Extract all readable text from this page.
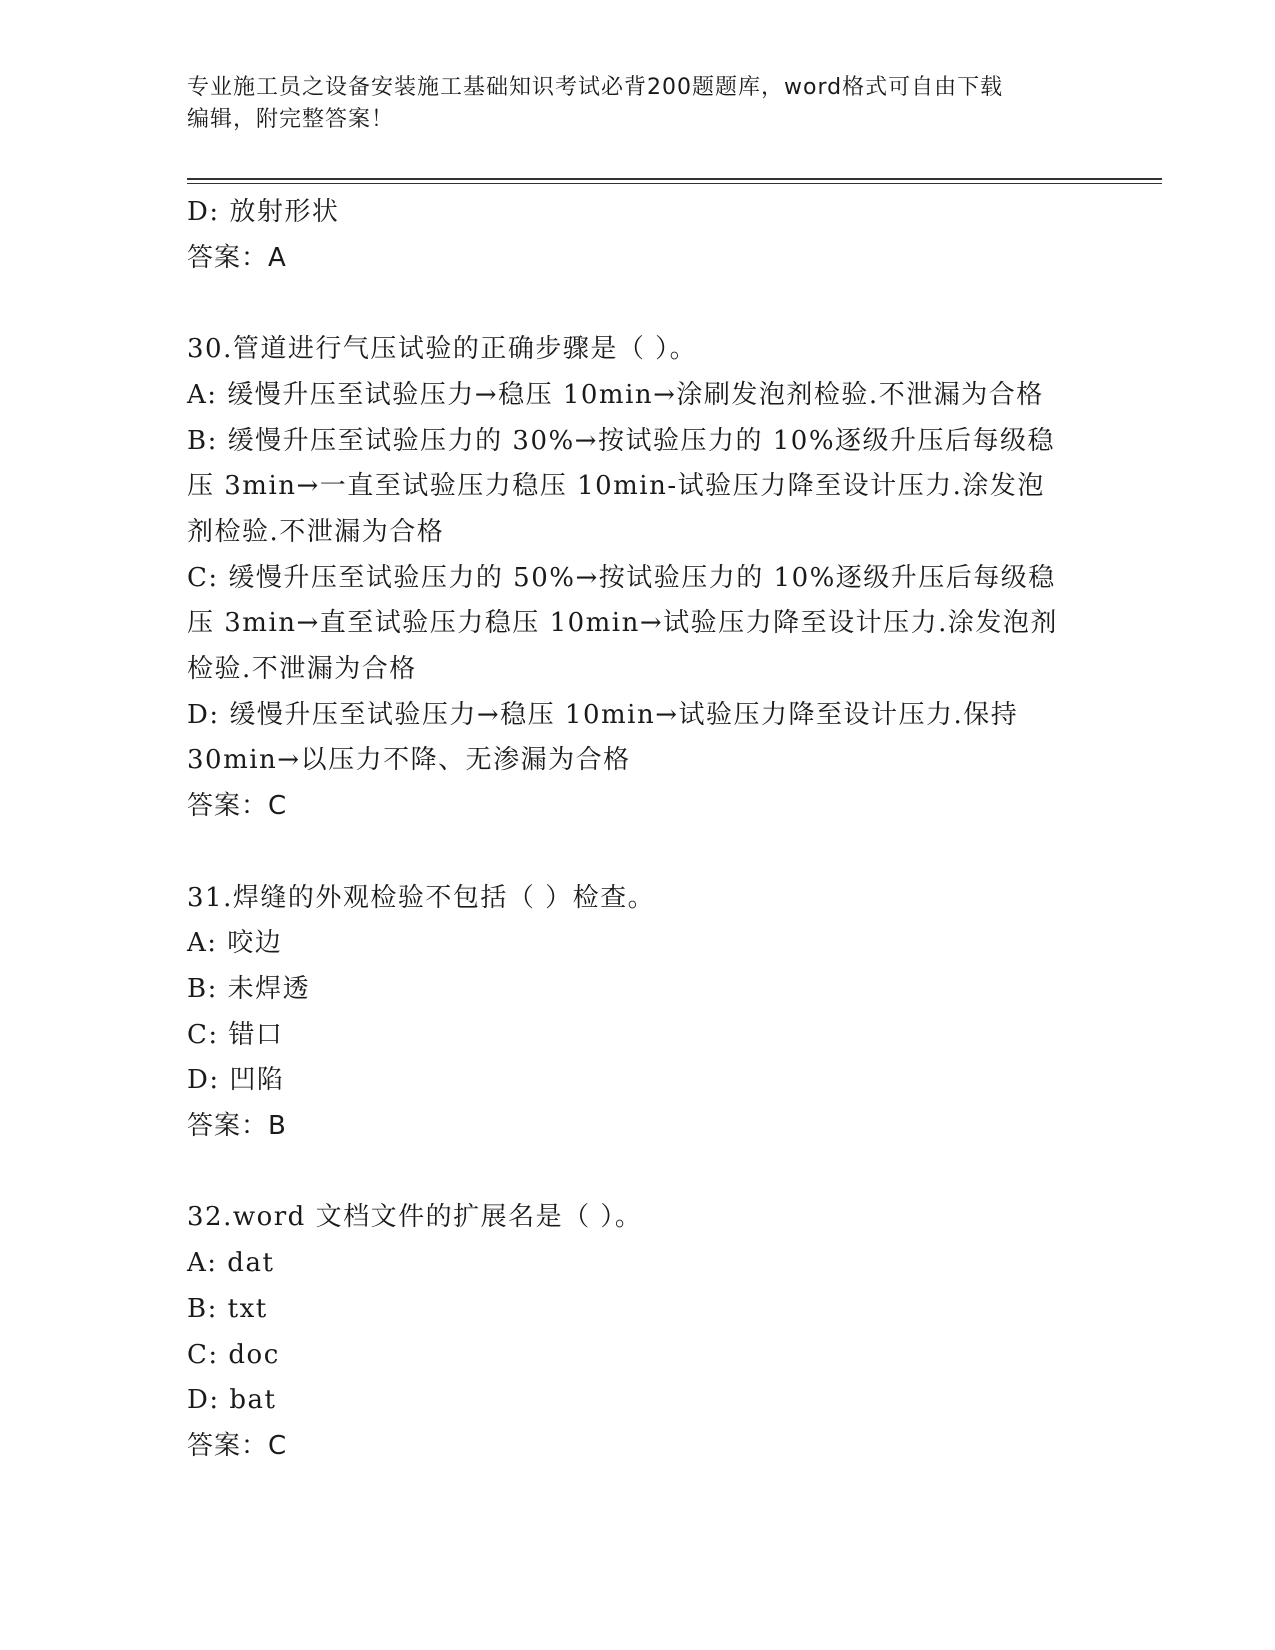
专业施工员之设备安装施工基础知识考试必背200题题库，word格式可自由下载
编辑，附完整答案！
D: 放射形状
答案：A
30.管道进行气压试验的正确步骤是（ ）。
A: 缓慢升压至试验压力→稳压 10min→涂刷发泡剂检验.不泄漏为合格
B: 缓慢升压至试验压力的 30%→按试验压力的 10%逐级升压后每级稳
压 3min→一直至试验压力稳压 10min-试验压力降至设计压力.涂发泡
剂检验.不泄漏为合格
C: 缓慢升压至试验压力的 50%→按试验压力的 10%逐级升压后每级稳
压 3min→直至试验压力稳压 10min→试验压力降至设计压力.涂发泡剂
检验.不泄漏为合格
D: 缓慢升压至试验压力→稳压 10min→试验压力降至设计压力.保持
30min→以压力不降、无渗漏为合格
答案：C
31.焊缝的外观检验不包括（ ）检查。
A: 咬边
B: 未焊透
C: 错口
D: 凹陷
答案：B
32.word 文档文件的扩展名是（ ）。
A: dat
B: txt
C: doc
D: bat
答案：C
